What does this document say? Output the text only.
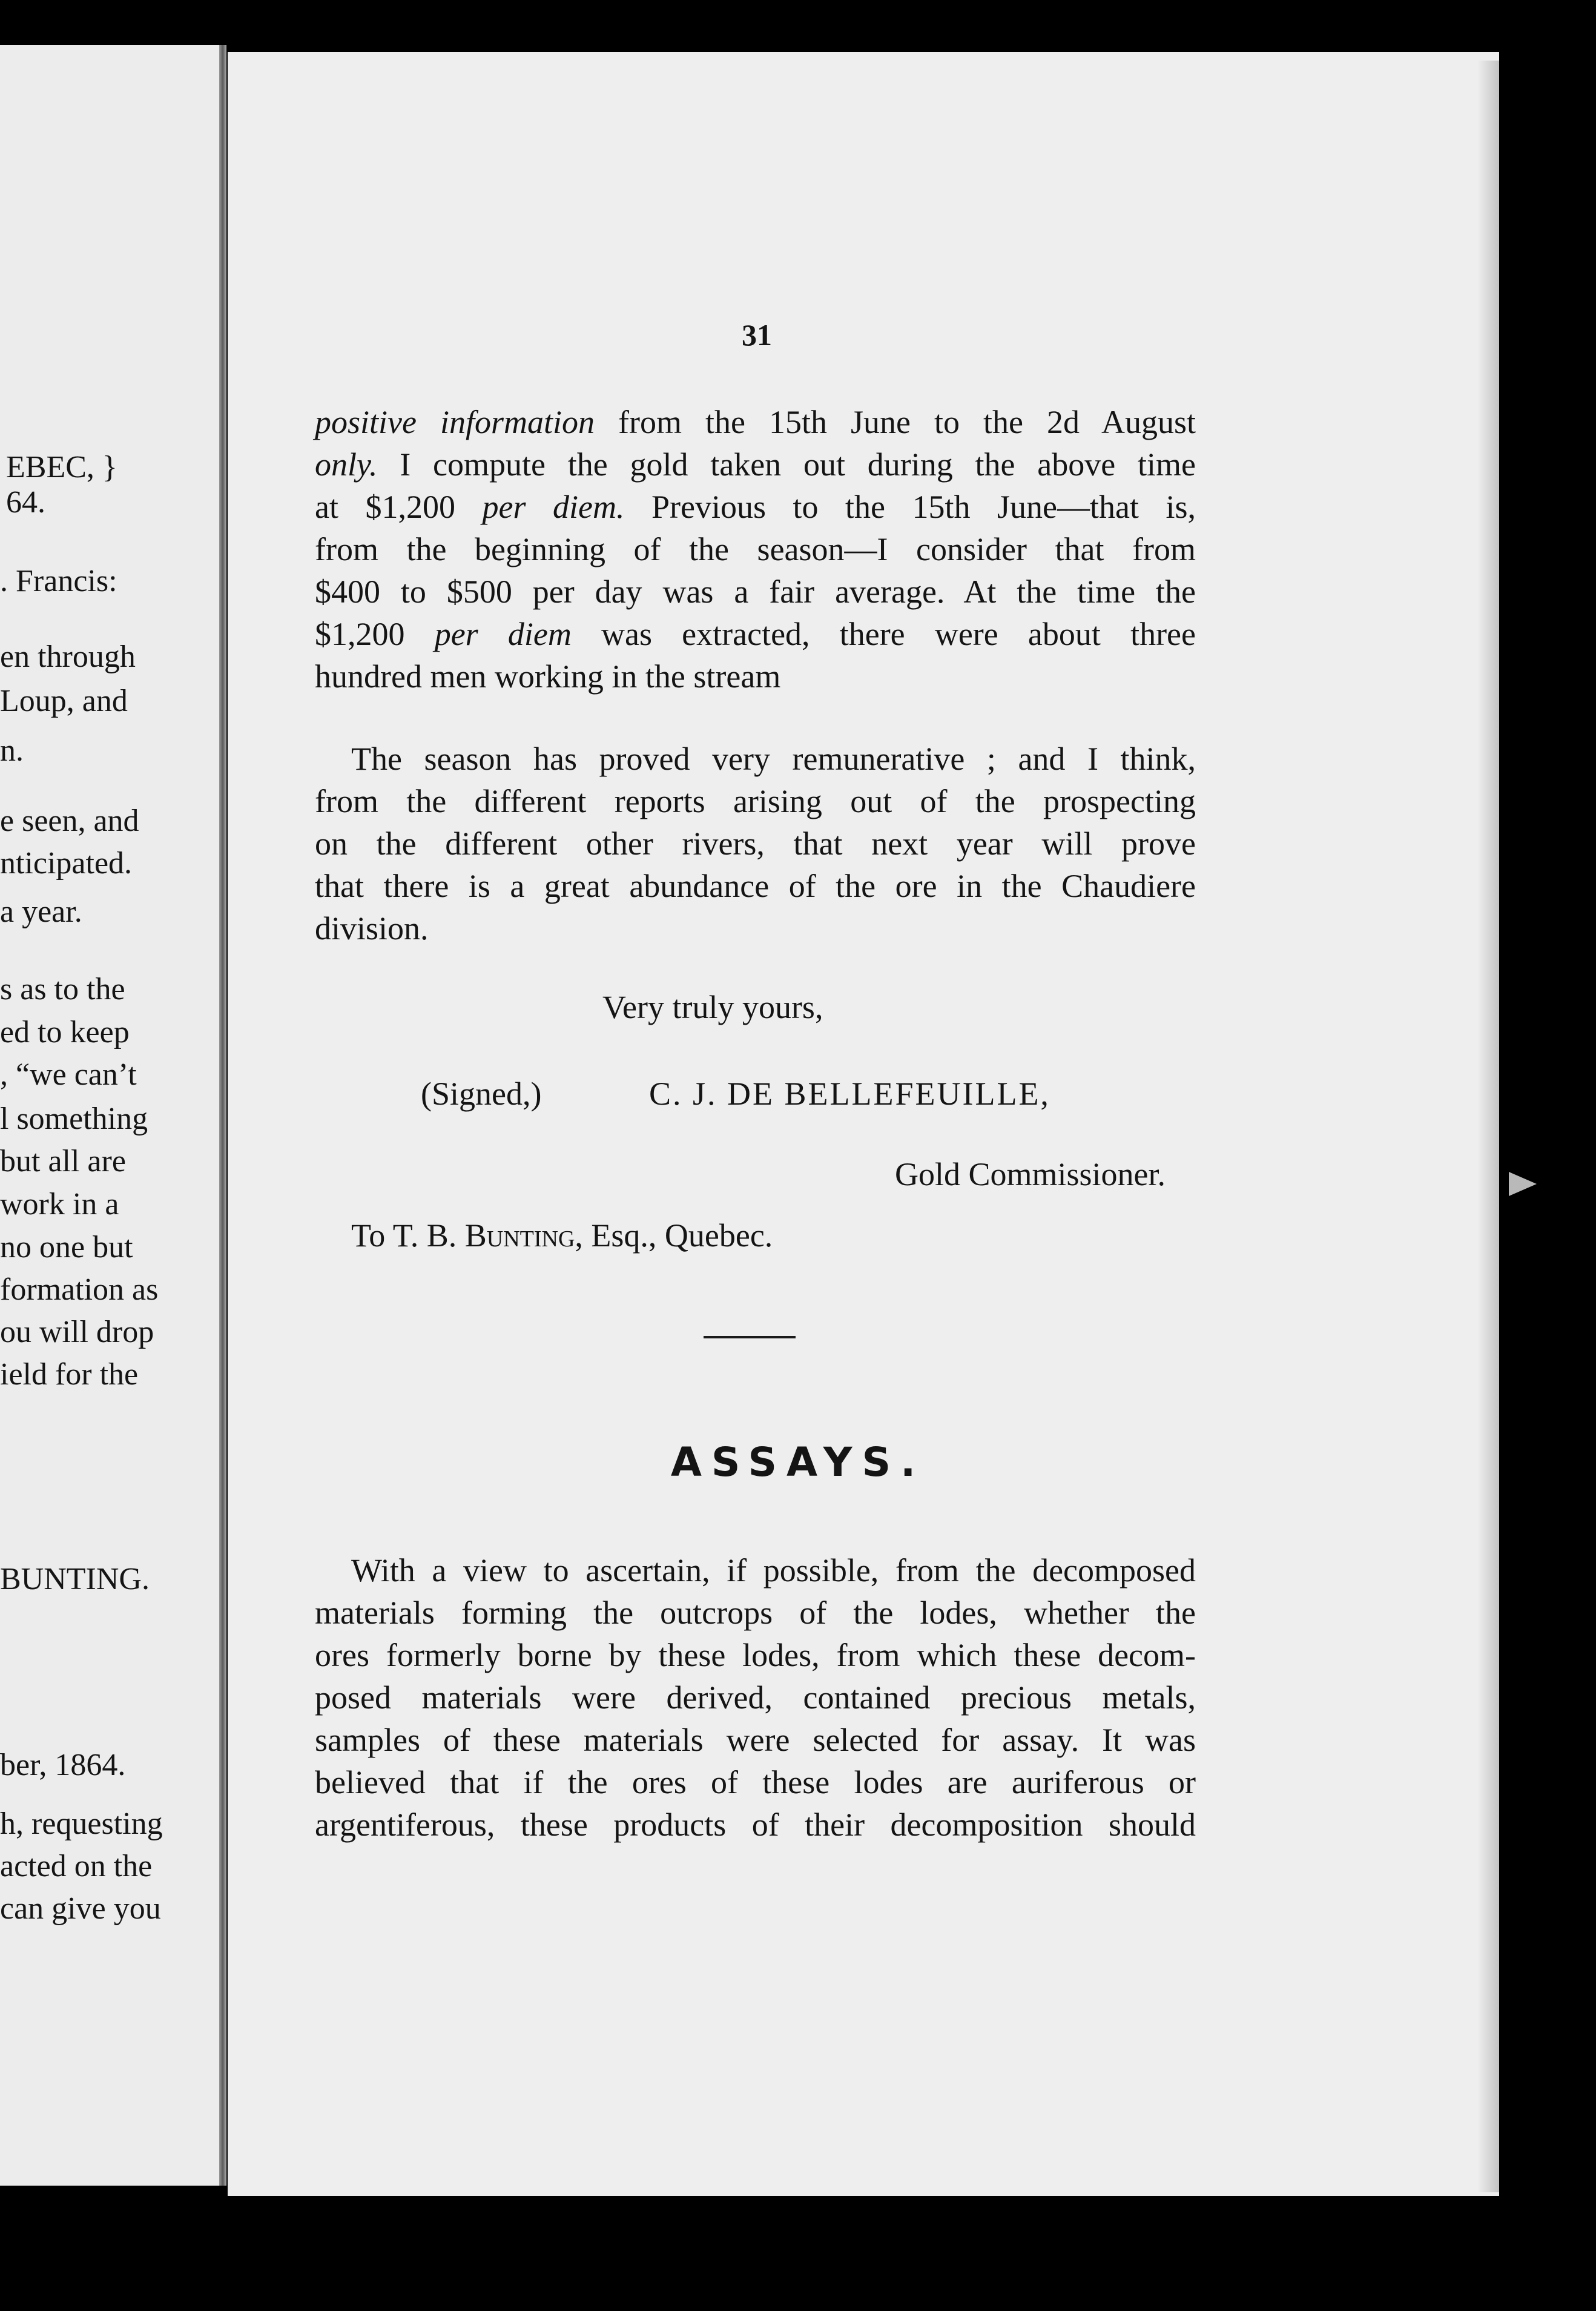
EBEC, }
64.
. Francis:
en through
Loup, and
n.
e seen, and
nticipated.
a year.
s as to the
ed to keep
, “we can’t
l something
but all are
work in a
no one but
formation as
ou will drop
ield for the
BUNTING.
ber, 1864.
h, requesting
acted on the
can give you
31
positive information from the 15th June to the 2d August
only. I compute the gold taken out during the above time
at $1,200 per diem. Previous to the 15th June—that is,
from the beginning of the season—I consider that from
$400 to $500 per day was a fair average. At the time the
$1,200 per diem was extracted, there were about three
hundred men working in the stream
The season has proved very remunerative ; and I think,
from the different reports arising out of the prospecting
on the different other rivers, that next year will prove
that there is a great abundance of the ore in the Chaudiere
division.
Very truly yours,
(Signed,)	C. J. DE BELLEFEUILLE,
Gold Commissioner.
To T. B. Bunting, Esq., Quebec.
ASSAYS.
With a view to ascertain, if possible, from the decomposed
materials forming the outcrops of the lodes, whether the
ores formerly borne by these lodes, from which these decom-
posed materials were derived, contained precious metals,
samples of these materials were selected for assay. It was
believed that if the ores of these lodes are auriferous or
argentiferous, these products of their decomposition should
